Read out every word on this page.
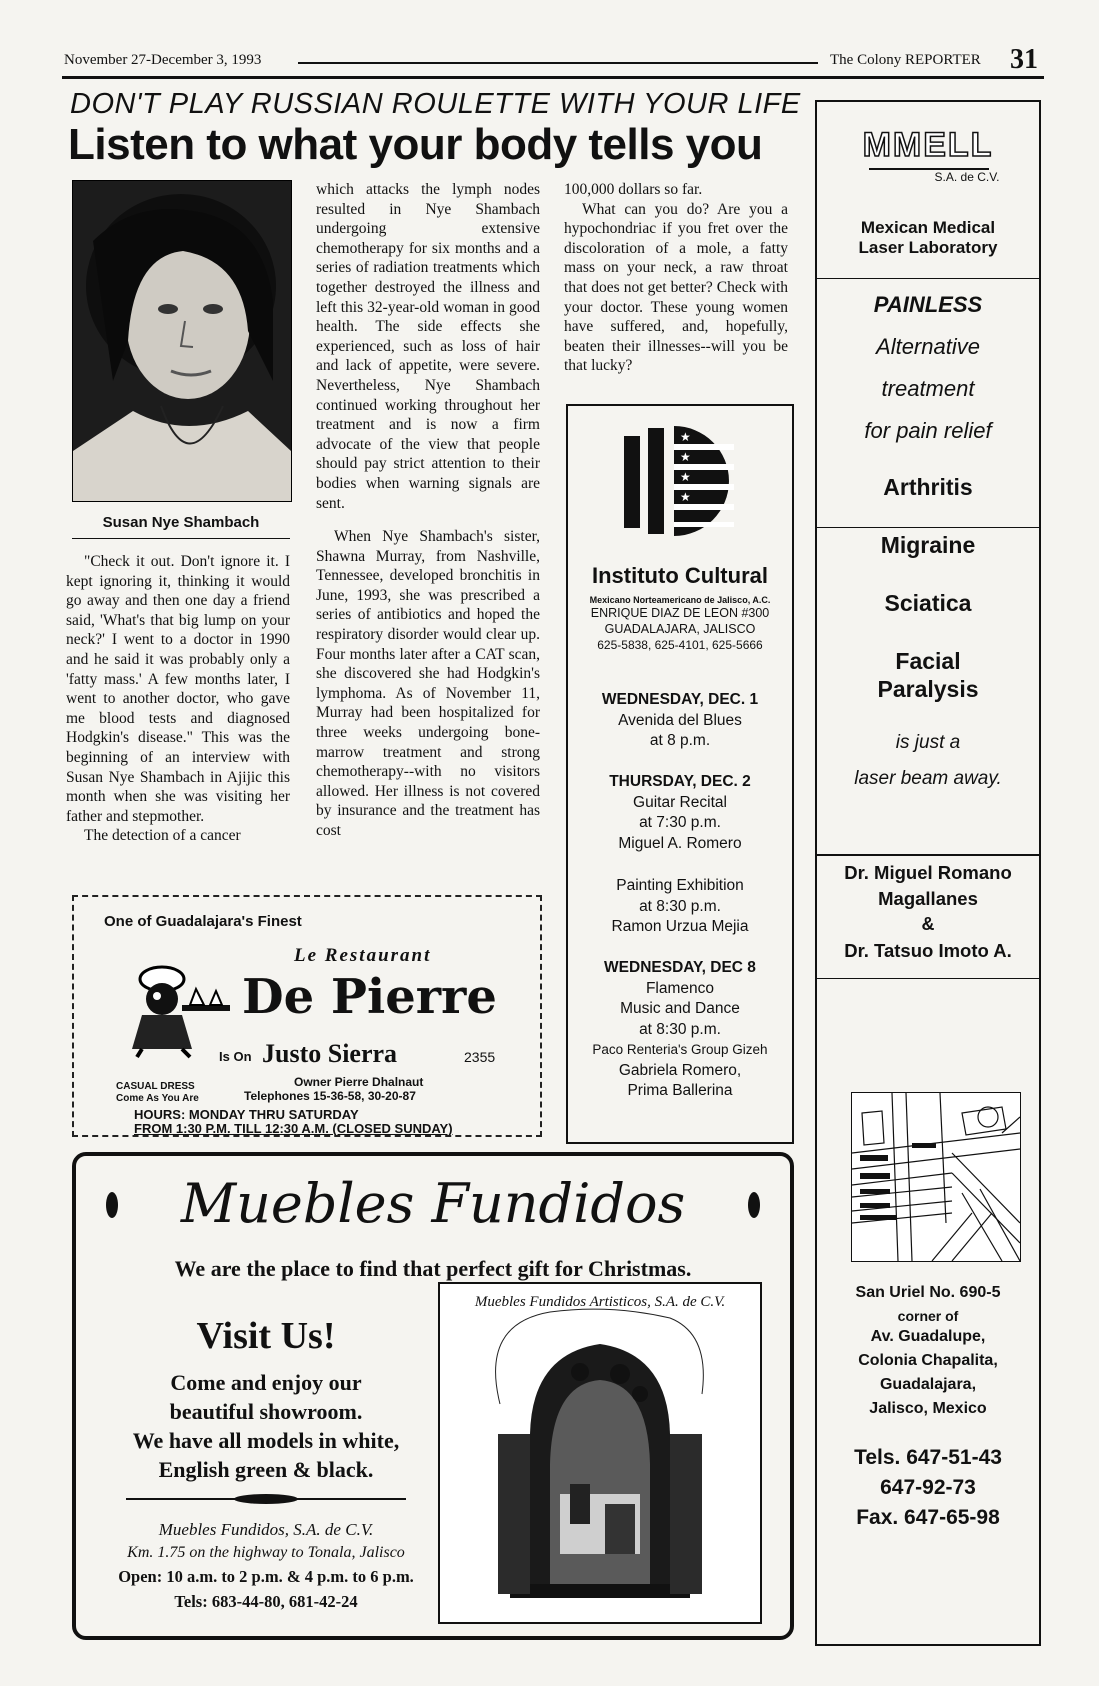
November 27-December 3, 1993	The Colony REPORTER 31
DON'T PLAY RUSSIAN ROULETTE WITH YOUR LIFE
Listen to what your body tells you
Susan Nye Shambach

"Check it out. Don't ignore it. I kept ignoring it, thinking it would go away and then one day a friend said, 'What's that big lump on your neck?' I went to a doctor in 1990 and he said it was probably only a 'fatty mass.' A few months later, I went to another doctor, who gave me blood tests and diagnosed Hodgkin's disease." This was the beginning of an interview with Susan Nye Shambach in Ajijic this month when she was visiting her father and stepmother.

The detection of a cancer

which attacks the lymph nodes resulted in Nye Shambach undergoing extensive chemotherapy for six months and a series of radiation treatments which together destroyed the illness and left this 32-year-old woman in good health. The side effects she experienced, such as loss of hair and lack of appetite, were severe. Nevertheless, Nye Shambach continued working throughout her treatment and is now a firm advocate of the view that people should pay strict attention to their bodies when warning signals are sent.

When Nye Shambach's sister, Shawna Murray, from Nashville, Tennessee, developed bronchitis in June, 1993, she was prescribed a series of antibiotics and hoped the respiratory disorder would clear up. Four months later after a CAT scan, she discovered she had Hodgkin's lymphoma. As of November 11, Murray had been hospitalized for three weeks undergoing bone-marrow treatment and strong chemotherapy--with no visitors allowed. Her illness is not covered by insurance and the treatment has cost

100,000 dollars so far.

What can you do? Are you a hypochondriac if you fret over the discoloration of a mole, a fatty mass on your neck, a raw throat that does not get better? Check with your doctor. These young women have suffered, and, hopefully, beaten their illnesses--will you be that lucky?

One of Guadalajara's Finest
Le Restaurant
De Pierre
Is On Justo Sierra	2355
Owner Pierre Dhalnaut
Telephones 15-36-58, 30-20-87
CASUAL DRESS
Come As You Are
HOURS: MONDAY THRU SATURDAY
FROM 1:30 P.M. TILL 12:30 A.M. (CLOSED SUNDAY)
★
★
★
★
Instituto Cultural
Mexicano Norteamericano de Jalisco, A.C.
ENRIQUE DIAZ DE LEON #300
GUADALAJARA, JALISCO
625-5838, 625-4101, 625-5666
WEDNESDAY, DEC. 1
Avenida del Blues
at 8 p.m.
THURSDAY, DEC. 2
Guitar Recital
at 7:30 p.m.
Miguel A. Romero
Painting Exhibition
at 8:30 p.m.
Ramon Urzua Mejia
WEDNESDAY, DEC 8
Flamenco
Music and Dance
at 8:30 p.m.
Paco Renteria's Group Gizeh
Gabriela Romero,
Prima Ballerina
MMELL
S.A. de C.V.
Mexican Medical
Laser Laboratory
PAINLESS
Alternative
treatment
for pain relief
Arthritis
Migraine
Sciatica
Facial
Paralysis
is just a
laser beam away.
Dr. Miguel Romano
Magallanes
&
Dr. Tatsuo Imoto A.
San Uriel No. 690-5
corner of
Av. Guadalupe,
Colonia Chapalita,
Guadalajara,
Jalisco, Mexico
Tels. 647-51-43
647-92-73
Fax. 647-65-98
Muebles Fundidos
We are the place to find that perfect gift for Christmas.
Visit Us!
Come and enjoy our
beautiful showroom.
We have all models in white,
English green & black.
Muebles Fundidos, S.A. de C.V.
Km. 1.75 on the highway to Tonala, Jalisco
Open: 10 a.m. to 2 p.m. & 4 p.m. to 6 p.m.
Tels: 683-44-80, 681-42-24
Muebles Fundidos Artisticos, S.A. de C.V.
